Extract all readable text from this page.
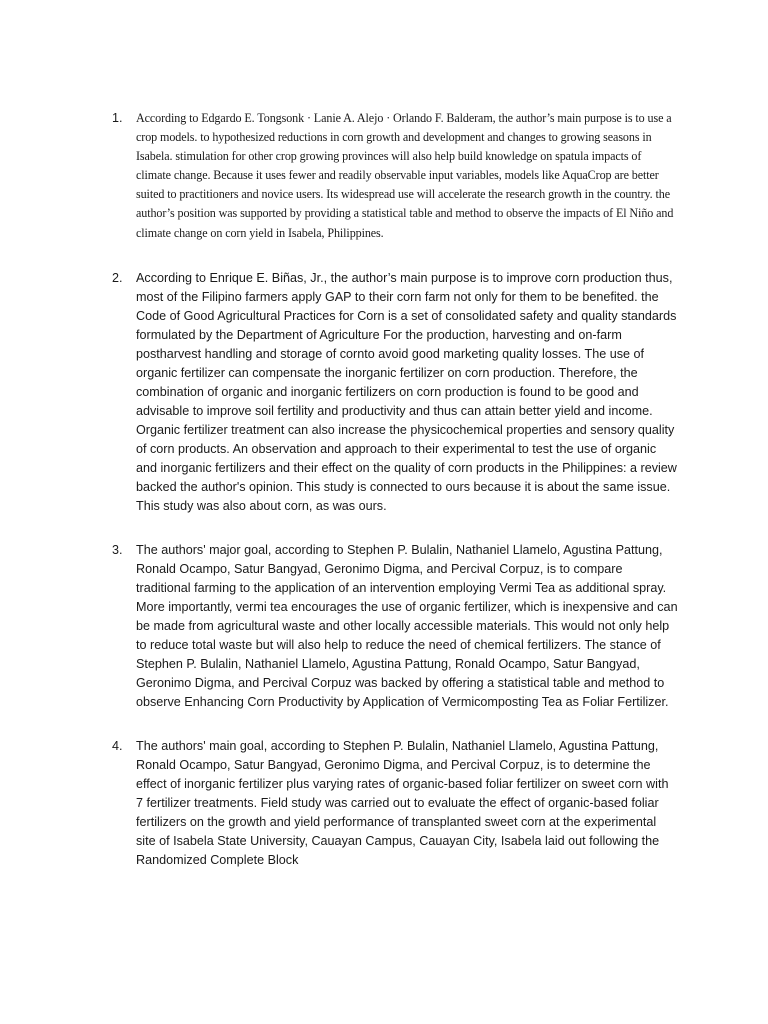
1.	According to Edgardo E. Tongsonk · Lanie A. Alejo · Orlando F. Balderam, the author’s main purpose is to use a crop models. to hypothesized reductions in corn growth and development and changes to growing seasons in Isabela. stimulation for other crop growing provinces will also help build knowledge on spatula impacts of climate change. Because it uses fewer and readily observable input variables, models like AquaCrop are better suited to practitioners and novice users. Its widespread use will accelerate the research growth in the country. the author’s position was supported by providing a statistical table and method to observe the impacts of El Niño and climate change on corn yield in Isabela, Philippines.

2.	According to Enrique E. Biñas, Jr., the author’s main purpose is to improve corn production thus, most of the Filipino farmers apply GAP to their corn farm not only for them to be benefited. the Code of Good Agricultural Practices for Corn is a set of consolidated safety and quality standards formulated by the Department of Agriculture For the production, harvesting and on-farm postharvest handling and storage of cornto avoid good marketing quality losses. The use of organic fertilizer can compensate the inorganic fertilizer on corn production. Therefore, the combination of organic and inorganic fertilizers on corn production is found to be good and advisable to improve soil fertility and productivity and thus can attain better yield and income. Organic fertilizer treatment can also increase the physicochemical properties and sensory quality of corn products. An observation and approach to their experimental to test the use of organic and inorganic fertilizers and their effect on the quality of corn products in the Philippines: a review backed the author's opinion. This study is connected to ours because it is about the same issue. This study was also about corn, as was ours.

3.	The authors' major goal, according to Stephen P. Bulalin, Nathaniel Llamelo, Agustina Pattung, Ronald Ocampo, Satur Bangyad, Geronimo Digma, and Percival Corpuz, is to compare traditional farming to the application of an intervention employing Vermi Tea as additional spray. More importantly, vermi tea encourages the use of organic fertilizer, which is inexpensive and can be made from agricultural waste and other locally accessible materials. This would not only help to reduce total waste but will also help to reduce the need of chemical fertilizers. The stance of Stephen P. Bulalin, Nathaniel Llamelo, Agustina Pattung, Ronald Ocampo, Satur Bangyad, Geronimo Digma, and Percival Corpuz was backed by offering a statistical table and method to observe Enhancing Corn Productivity by Application of Vermicomposting Tea as Foliar Fertilizer.

4.	The authors' main goal, according to Stephen P. Bulalin, Nathaniel Llamelo, Agustina Pattung, Ronald Ocampo, Satur Bangyad, Geronimo Digma, and Percival Corpuz, is to determine the effect of inorganic fertilizer plus varying rates of organic-based foliar fertilizer on sweet corn with 7 fertilizer treatments. Field study was carried out to evaluate the effect of organic-based foliar fertilizers on the growth and yield performance of transplanted sweet corn at the experimental site of Isabela State University, Cauayan Campus, Cauayan City, Isabela laid out following the Randomized Complete Block
